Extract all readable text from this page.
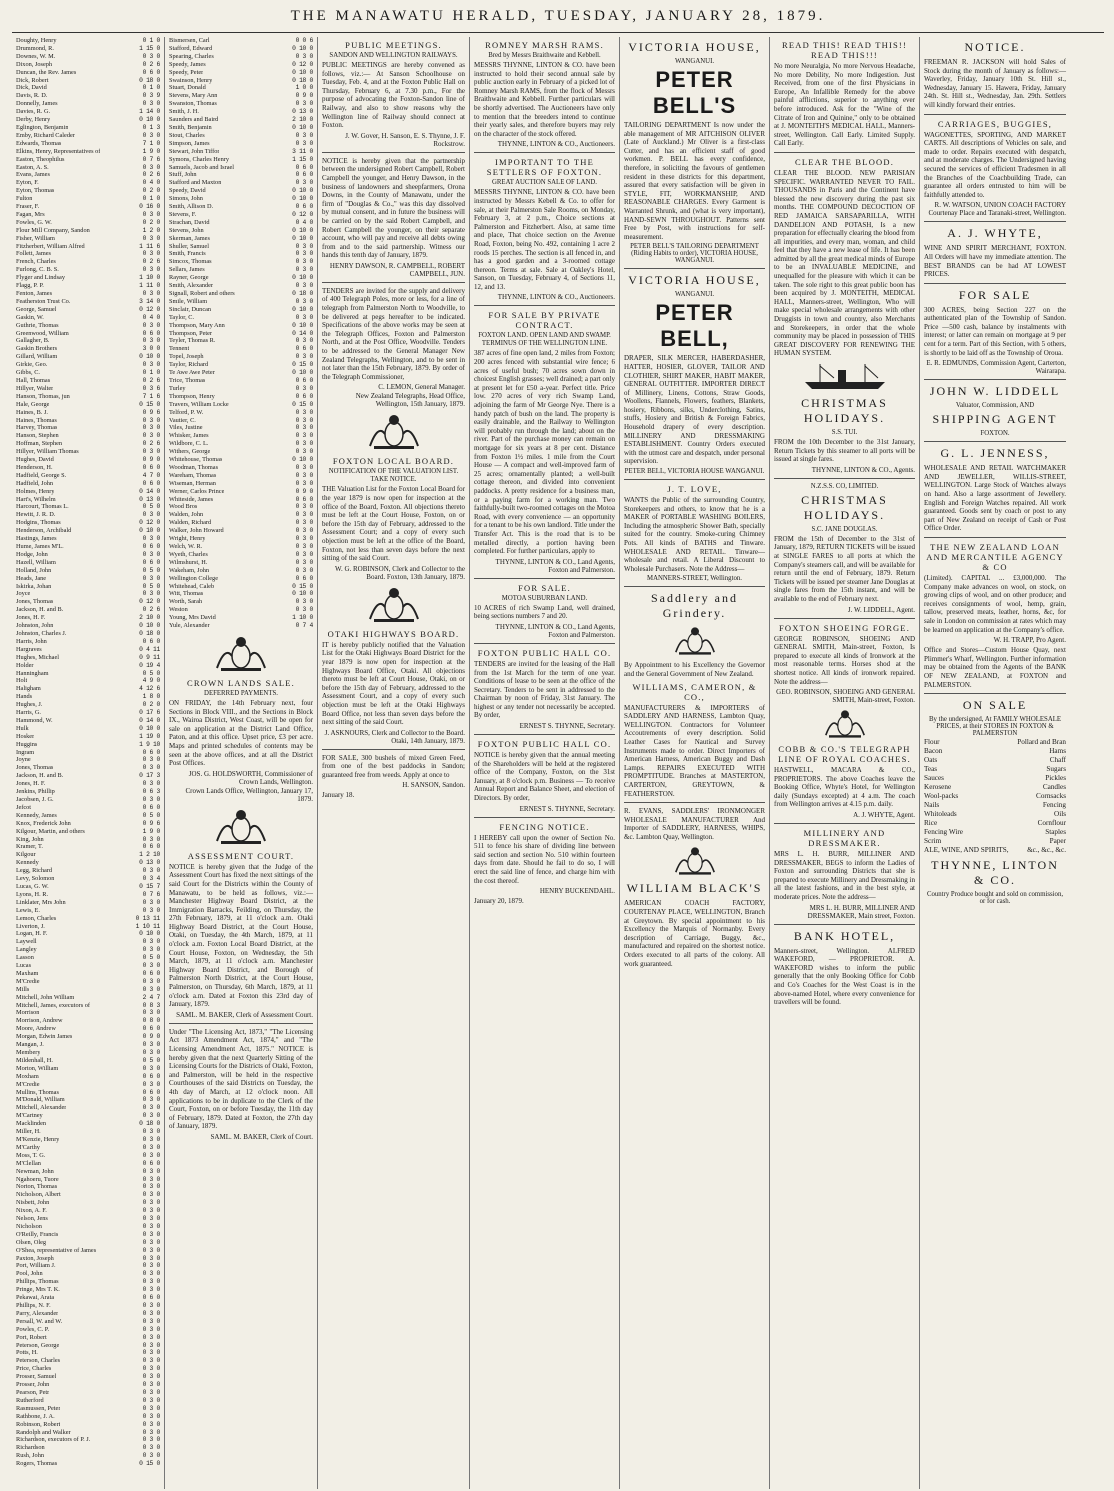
THE MANAWATU HERALD, TUESDAY, JANUARY 28, 1879.
Doughty, Henry	0 1 0
Drummond, R.	1 15 0
Downes, W. M.	0 3 0
Dixon, Joseph	0 2 6
Duncan, the Rev. James	0 6 0
Dick, Robert	0 18 0
Dick, David	0 1 0
Davis, R. D.	0 3 9
Donnelly, James	0 3 0
Davies, R. G.	1 14 0
Derby, Henry	0 10 0
Eglington, Benjamin	0 1 3
Emby, Richard Caleder	0 3 0
Edwards, Thomas	7 1 0
Elkins, Henry, Representatives of	1 9 0
Easton, Theophilus	0 7 6
Easton, A. S.	0 3 0
Evans, James	0 2 6
Eyton, F.	0 4 0
Eyton, Thomas	0 2 0
Fulton	0 1 0
Fraser, F.	0 16 0
Fagan, Mrs	0 3 0
Fowles, G. W.	0 2 0
Flour Mill Company, Sandon	1 2 0
Fisher, William	0 3 0
Fitzherbert, William Alfred	1 11 6
Follett, James	0 3 0
French, Charles	0 2 6
Furlong, C. B. S.	0 3 0
Flyger and Lindsay	1 10 0
Flagg, P. P.	1 11 0
Fenton, James	0 3 0
Featherston Trust Co.	3 14 0
George, Samuel	0 12 0
Gaskin, W.	0 4 0
Guthrie, Thomas	0 3 0
Greenwood, William	0 6 0
Gallagher, B.	0 3 0
Gaskin Brothers	3 0 0
Gillard, William	0 10 0
Girkie, Geo.	0 3 0
Gibbs, C.	0 1 0
Hall, Thomas	0 2 6
Hillyer, Walter	0 3 6
Hanson, Thomas, jun	7 1 6
Hale, George	0 15 0
Haines, B. J.	0 9 6
Haines, Thomas	0 3 0
Harvey, Thomas	0 3 0
Hanson, Stephen	0 3 0
Hoffman, Stephen	0 2 6
Hillyer, William Thomas	0 3 0
Hughes, David	0 9 0
Henderson, H.	0 6 0
Hadfield, George S.	4 7 0
Hadfield, John	0 6 0
Holmes, Henry	0 14 0
Hart's, Wilhelm	0 13 0
Harcourt, Thomas L.	0 5 0
Hewitt, J. R. D.	0 3 0
Hodgins, Thomas	0 12 0
Henderson, Archibald	0 10 0
Hastings, James	0 3 0
Hume, James M'L.	0 6 0
Hodge, John	0 3 0
Hazell, William	0 6 0
Holland, John	0 5 0
Heads, Jane	0 3 0
Iskirka, Johan	0 5 0
Joyce	0 3 0
Jones, Thomas	0 12 0
Jackson, H. and B.	0 2 6
Jones, H. F.	2 10 0
Johnston, John	0 10 0
Johnston, Charles J.	0 18 0
Harris, John	0 6 0
Hargraves	0 4 11
Hughes, Michael	0 9 11
Holder	0 19 4
Hanningham	0 5 0
Holt	4 9 0
Haligham	4 12 6
Hands	1 8 0
Hughes, J.	0 2 0
Harris, G.	0 17 6
Hammond, W.	0 14 0
Hulk	0 10 0
Hosker	1 19 0
Huggins	1 9 10
Ingram	0 6 0
Joyne	0 3 0
Jones, Thomas	0 3 0
Jackson, H. and B.	0 17 3
Jones, H. F.	0 3 0
Jenkins, Phillip	0 6 3
Jacobsen, J. G.	0 3 0
Jefcot	0 6 0
Kennedy, James	0 5 0
Knox, Frederick John	0 9 6
Kilgour, Martin, and others	1 9 0
King, John	0 3 0
Kramer, T.	0 6 0
Kilgour	1 2 10
Kennedy	0 13 0
Legg, Richard	0 3 0
Levy, Solomon	0 3 4
Lucas, G. W.	0 15 7
Lyons, H. R.	0 7 6
Linklater, Mrs John	0 3 0
Lewis, E.	0 3 0
Lemon, Charles	0 13 11
Liverton, J.	1 10 11
Logan, H. F.	0 10 0
Laywell	0 3 0
Langley	0 3 0
Lasson	0 5 0
Lucas	0 3 0
Maxham	0 6 0
M'Credie	0 3 0
Mills	0 3 0
Mitchell, John William	2 4 7
Mitchell, James, executors of	0 8 3
Morrison	0 3 0
Morrison, Andrew	0 8 0
Moore, Andrew	0 6 0
Morgan, Edwin James	0 9 0
Mangan, J.	0 3 0
Membery	0 3 0
Mildenhall, H.	0 5 0
Morton, William	0 3 0
Moxham	0 6 0
M'Credie	0 3 0
Mullins, Thomas	0 6 0
M'Donald, William	0 3 0
Mitchell, Alexander	0 3 0
M'Cartney	0 3 0
Macklinden	0 18 0
Miller, H.	0 3 0
M'Kenzie, Henry	0 3 0
M'Carthy	0 3 0
Moss, T. G.	0 3 0
M'Clellan	0 6 0
Newman, John	0 3 0
Ngahoeru, Tuore	0 3 0
Norton, Thomas	0 3 0
Nicholson, Albert	0 3 0
Nisbett, John	0 3 0
Nixon, A. F.	0 3 0
Nelson, Jens	0 3 0
Nicholson	0 3 0
O'Reilly, Francis	0 3 0
Olsen, Oleg	0 3 0
O'Shea, representative of James	0 3 0
Paxton, Joseph	0 3 0
Port, William J.	0 3 0
Pool, John	0 3 0
Phillips, Thomas	0 3 0
Pringe, Mrs T. K.	0 3 0
Pekawai, Arata	0 6 0
Phillips, N. F.	0 3 0
Parry, Alexander	0 3 0
Persall, W. and W.	0 3 0
Powles, C. P.	0 3 0
Port, Robert	0 3 0
Peterson, George	0 3 0
Potts, H.	0 3 0
Peterson, Charles	0 3 0
Price, Charles	0 3 0
Prosser, Samuel	0 3 0
Prosser, John	0 3 0
Pearson, Petr	0 3 0
Rutherford	0 3 0
Rasmussen, Peter	0 3 0
Rathbone, J. A.	0 3 0
Robinson, Robert	0 3 0
Randolph and Walker	0 3 0
Richardson, executors of P. J.	0 3 0
Richardson	0 3 0
Rush, John	0 3 0
Rogers, Thomas	0 15 0
Bismersen, Carl	0 0 6
Stafford, Edward	0 10 0
Spearing, Charles	0 3 0
Speedy, James	0 12 0
Speedy, Peter	0 10 0
Swainson, Henry	0 18 0
Stuart, Donald	1 0 0
Stevens, Mary Ann	0 9 0
Swanston, Thomas	0 3 0
Smith, J. H.	0 13 0
Saunders and Baird	2 10 0
Smith, Benjamin	0 10 0
Stout, Charles	0 3 0
Simpson, James	0 3 0
Stewart, John Tiffor	3 11 0
Symons, Charles Henry	1 15 0
Samuels, Jacob and Israel	0 6 0
Stuff, John	0 6 0
Stafford and Maxton	0 3 0
Speedy, David	0 10 0
Simons, John	0 10 0
Smith, Allison D.	0 6 0
Stevens, F.	0 12 0
Strachan, David	0 4 0
Stevens, John	0 10 0
Skerman, James	0 10 0
Shuller, Samuel	0 3 0
Smith, Francis	0 3 0
Simcox, Thomas	0 3 0
Sellars, James	0 3 0
Rayner, George	0 10 0
Smith, Alexander	0 3 0
Signall, Robert and others	0 18 0
Smile, William	0 3 0
Sinclair, Duncan	0 10 0
Taylor, C.	0 3 0
Thompson, Mary Ann	0 10 0
Thompson, Peter	0 14 0
Teyler, Thomas R.	0 3 0
Tennent	0 6 0
Topel, Joseph	0 3 0
Taylor, Richard	0 15 0
Te Awe Awe Peter	0 10 0
Trice, Thomas	0 6 0
Turley	0 3 0
Thompson, Henry	0 6 0
Travers, William Locke	0 15 0
Telford, P. W.	0 3 0
Vautier, C.	0 3 0
Viles, Justine	0 3 0
Whisker, James	0 3 0
Wildbore, C. L.	0 3 0
Withers, George	0 3 0
Whitehouse, Thomas	0 10 0
Woodman, Thomas	0 3 0
Wareham, Thomas	0 3 0
Wiseman, Herman	0 3 0
Werner, Carlos Prince	0 9 0
Whiteside, James	0 6 0
Wood Bros	0 3 0
Walden, John	0 3 0
Walden, Richard	0 3 0
Walker, John Howard	0 3 0
Wright, Henry	0 3 0
Welch, W. R.	0 3 0
Wyeth, Charles	0 3 0
Wilmshurst, H.	0 3 0
Wakeham, John	0 3 0
Wellington College	0 6 0
Whitehead, Caleb	0 15 0
Witt, Thomas	0 10 0
Worth, Sarah	0 3 0
Weston	0 3 0
Young, Mrs David	1 10 0
Yule, Alexander	0 7 4
CROWN LANDS SALE.
DEFERRED PAYMENTS.
ON FRIDAY, the 14th February next, four Sections in Block VIII., and the Sections in Block IX., Wairoa District, West Coast, will be open for sale on application at the District Land Office, Paton, and at this office. Upset price, £3 per acre. Maps and printed schedules of contents may be seen at the above offices, and at all the District Post Offices.
JOS. G. HOLDSWORTH, Commissioner of Crown Lands, Wellington.
Crown Lands Office, Wellington, January 17, 1879.
ASSESSMENT COURT.
NOTICE is hereby given that the Judge of the Assessment Court has fixed the next sittings of the said Court for the Districts within the County of Manawatu, to be held as follows, viz.:— Manchester Highway Board District, at the Immigration Barracks, Feilding, on Thursday, the 27th February, 1879, at 11 o'clock a.m. Otaki Highway Board District, at the Court House, Otaki, on Tuesday, the 4th March, 1879, at 11 o'clock a.m. Foxton Local Board District, at the Court House, Foxton, on Wednesday, the 5th March, 1879, at 11 o'clock a.m. Manchester Highway Board District, and Borough of Palmerston North District, at the Court House, Palmerston, on Thursday, 6th March, 1879, at 11 o'clock a.m. Dated at Foxton this 23rd day of January, 1879.
SAML. M. BAKER, Clerk of Assessment Court.
Under "The Licensing Act, 1873," "The Licensing Act 1873 Amendment Act, 1874," and "The Licensing Amendment Act, 1875." NOTICE is hereby given that the next Quarterly Sitting of the Licensing Courts for the Districts of Otaki, Foxton, and Palmerston, will be held in the respective Courthouses of the said Districts on Tuesday, the 4th day of March, at 12 o'clock noon. All applications to be in duplicate to the Clerk of the Court, Foxton, on or before Tuesday, the 11th day of February, 1879. Dated at Foxton, the 27th day of January, 1879.
SAML. M. BAKER, Clerk of Court.
PUBLIC MEETINGS.
SANDON AND WELLINGTON RAILWAYS.
PUBLIC MEETINGS are hereby convened as follows, viz.:— At Sanson Schoolhouse on Tuesday, Feb. 4, and at the Foxton Public Hall on Thursday, February 6, at 7.30 p.m., For the purpose of advocating the Foxton-Sandon line of Railway, and also to show reasons why the Wellington line of Railway should connect at Foxton.
J. W. Gover, H. Sanson, E. S. Thynne, J. F. Rockstrow.
NOTICE is hereby given that the partnership between the undersigned Robert Campbell, Robert Campbell the younger, and Henry Dawson, in the business of landowners and sheepfarmers, Orona Downs, in the County of Manawatu, under the firm of "Douglas & Co.," was this day dissolved by mutual consent, and in future the business will be carried on by the said Robert Campbell, and Robert Campbell the younger, on their separate account, who will pay and receive all debts owing from and to the said partnership. Witness our hands this tenth day of January, 1879.
HENRY DAWSON, R. CAMPBELL, ROBERT CAMPBELL, JUN.
TENDERS are invited for the supply and delivery of 400 Telegraph Poles, more or less, for a line of telegraph from Palmerston North to Woodville, to be delivered at pegs hereafter to be indicated. Specifications of the above works may be seen at the Telegraph Offices, Foxton and Palmerston North, and at the Post Office, Woodville. Tenders to be addressed to the General Manager New Zealand Telegraphs, Wellington, and to be sent in not later than the 15th February, 1879. By order of the Telegraph Commissioner,
C. LEMON, General Manager.
New Zealand Telegraphs, Head Office, Wellington, 15th January, 1879.
FOXTON LOCAL BOARD.
NOTIFICATION OF THE VALUATION LIST.
TAKE NOTICE.
THE Valuation List for the Foxton Local Board for the year 1879 is now open for inspection at the office of the Board, Foxton. All objections thereto must be left at the Court House, Foxton, on or before the 15th day of February, addressed to the Assessment Court; and a copy of every such objection must be left at the office of the Board, Foxton, not less than seven days before the next sitting of the said Court.
W. G. ROBINSON, Clerk and Collector to the Board. Foxton, 13th January, 1879.
OTAKI HIGHWAYS BOARD.
IT is hereby publicly notified that the Valuation List for the Otaki Highways Board District for the year 1879 is now open for inspection at the Highways Board Office, Otaki. All objections thereto must be left at Court House, Otaki, on or before the 15th day of February, addressed to the Assessment Court, and a copy of every such objection must be left at the Otaki Highways Board Office, not less than seven days before the next sitting of the said Court.
J. ASKNOURS, Clerk and Collector to the Board. Otaki, 14th January, 1879.
FOR SALE, 300 bushels of mixed Green Feed, from one of the best paddocks in Sandon; guaranteed free from weeds. Apply at once to
H. SANSON, Sandon.
January 18.
ROMNEY MARSH RAMS.
Bred by Messrs Braithwaite and Kebbell.
MESSRS THYNNE, LINTON & CO. have been instructed to hold their second annual sale by public auction early in February of a picked lot of Romney Marsh RAMS, from the flock of Messrs Braithwaite and Kebbell. Further particulars will be shortly advertised. The Auctioneers have only to mention that the breeders intend to continue their yearly sales, and therefore buyers may rely on the character of the stock offered.
THYNNE, LINTON & CO., Auctioneers.
IMPORTANT TO THE SETTLERS OF FOXTON.
GREAT AUCTION SALE OF LAND.
MESSRS THYNNE, LINTON & CO. have been instructed by Messrs Kebell & Co. to offer for sale, at their Palmerston Sale Rooms, on Monday, February 3, at 2 p.m., Choice sections at Palmerston and Fitzherbert. Also, at same time and place, That choice section on the Avenue Road, Foxton, being No. 492, containing 1 acre 2 roods 15 perches. The section is all fenced in, and has a good garden and a 3-roomed cottage thereon. Terms at sale. Sale at Oakley's Hotel, Sanson, on Tuesday, February 4, of Sections 11, 12, and 13.
THYNNE, LINTON & CO., Auctioneers.
FOR SALE BY PRIVATE CONTRACT.
FOXTON LAND. OPEN LAND AND SWAMP.
TERMINUS OF THE WELLINGTON LINE.
387 acres of fine open land, 2 miles from Foxton; 200 acres fenced with substantial wire fence; 6 acres of useful bush; 70 acres sown down in choicest English grasses; well drained; a part only at present let for £50 a-year. Perfect title. Price low. 270 acres of very rich Swamp Land, adjoining the farm of Mr George Nye. There is a handy patch of bush on the land. The property is easily drainable, and the Railway to Wellington will probably run through the land; about on the river. Part of the purchase money can remain on mortgage for six years at 8 per cent. Distance from Foxton 1½ miles. 1 mile from the Court House — A compact and well-improved farm of 25 acres; ornamentally planted; a well-built cottage thereon, and divided into convenient paddocks. A pretty residence for a business man, or a paying farm for a working man. Two faithfully-built two-roomed cottages on the Motoa Road, with every convenience — an opportunity for a tenant to be his own landlord. Title under the Transfer Act. This is the road that is to be metalled directly, a portion having been completed. For further particulars, apply to
THYNNE, LINTON & CO., Land Agents, Foxton and Palmerston.
FOR SALE.
MOTOA SUBURBAN LAND.
10 ACRES of rich Swamp Land, well drained, being sections numbers 7 and 20.
THYNNE, LINTON & CO., Land Agents, Foxton and Palmerston.
FOXTON PUBLIC HALL CO.
TENDERS are invited for the leasing of the Hall from the 1st March for the term of one year. Conditions of lease to be seen at the office of the Secretary. Tenders to be sent in addressed to the Chairman by noon of Friday, 31st January. The highest or any tender not necessarily be accepted. By order,
ERNEST S. THYNNE, Secretary.
FOXTON PUBLIC HALL CO.
NOTICE is hereby given that the annual meeting of the Shareholders will be held at the registered office of the Company, Foxton, on the 31st January, at 8 o'clock p.m. Business — To receive Annual Report and Balance Sheet, and election of Directors. By order,
ERNEST S. THYNNE, Secretary.
FENCING NOTICE.
I HEREBY call upon the owner of Section No. 511 to fence his share of dividing line between said section and section No. 510 within fourteen days from date. Should he fail to do so, I will erect the said line of fence, and charge him with the cost thereof.
HENRY BUCKENDAHL.
January 20, 1879.
VICTORIA HOUSE,
WANGANUI.
PETER BELL'S
TAILORING DEPARTMENT Is now under the able management of MR AITCHISON OLIVER (Late of Auckland.) Mr Oliver is a first-class Cutter, and has an efficient staff of good workmen. P. BELL has every confidence, therefore, in soliciting the favours of gentlemen resident in these districts for this department, assured that every satisfaction will be given in STYLE, FIT, WORKMANSHIP, AND REASONABLE CHARGES. Every Garment is Warranted Shrunk, and (what is very important), HAND-SEWN THROUGHOUT. Patterns sent Free by Post, with instructions for self-measurement.
PETER BELL'S TAILORING DEPARTMENT (Riding Habits to order), VICTORIA HOUSE, WANGANUI.
VICTORIA HOUSE,
WANGANUI.
PETER BELL,
DRAPER, SILK MERCER, HABERDASHER, HATTER, HOSIER, GLOVER, TAILOR AND CLOTHIER, SHIRT MAKER, HABIT MAKER, GENERAL OUTFITTER. IMPORTER DIRECT of Millinery, Linens, Cottons, Straw Goods, Woollens, Flannels, Flowers, feathers, Blankets, hosiery, Ribbons, silks, Underclothing, Satins, stuffs, Hosiery and British & Foreign Fabrics, Household drapery of every description. MILLINERY AND DRESSMAKING ESTABLISHMENT. Country Orders executed with the utmost care and despatch, under personal supervision.
PETER BELL, VICTORIA HOUSE WANGANUI.
J. T. LOVE,
WANTS the Public of the surrounding Country, Storekeepers and others, to know that he is a MAKER of PORTABLE WASHING BOILERS, Including the atmospheric Shower Bath, specially suited for the country. Smoke-curing Chimney Pots. All kinds of BATHS and Tinware. WHOLESALE AND RETAIL. Tinware—wholesale and retail. A Liberal Discount to Wholesale Purchasers. Note the Address—
MANNERS-STREET, Wellington.
Saddlery and Grindery.
By Appointment to his Excellency the Governor and the General Government of New Zealand.
WILLIAMS, CAMERON, & CO.,
MANUFACTURERS & IMPORTERS of SADDLERY AND HARNESS, Lambton Quay, WELLINGTON. Contractors for Volunteer Accoutrements of every description. Solid Leather Cases for Nautical and Survey Instruments made to order. Direct Importers of American Harness, American Buggy and Dash Lamps. REPAIRS EXECUTED WITH PROMPTITUDE. Branches at MASTERTON, CARTERTON, GREYTOWN, & FEATHERSTON.
R. EVANS, SADDLERS' IRONMONGER WHOLESALE MANUFACTURER And Importer of SADDLERY, HARNESS, WHIPS, &c. Lambton Quay, Wellington.
WILLIAM BLACK'S
AMERICAN COACH FACTORY, COURTENAY PLACE, WELLINGTON, Branch at Greytown. By special appointment to his Excellency the Marquis of Normanby. Every description of Carriage, Buggy, &c., manufactured and repaired on the shortest notice. Orders executed to all parts of the colony. All work guaranteed.
READ THIS! READ THIS!! READ THIS!!!
No more Neuralgia, No more Nervous Headache, No more Debility, No more Indigestion. Just Received, from one of the first Physicians in Europe, An Infallible Remedy for the above painful afflictions, superior to anything ever before introduced. Ask for the "Wine of the Citrate of Iron and Quinine," only to be obtained at J. MONTEITH'S MEDICAL HALL, Manners-street, Wellington. Call Early. Limited Supply. Call Early.
CLEAR THE BLOOD.
CLEAR THE BLOOD. NEW PARISIAN SPECIFIC. WARRANTED NEVER TO FAIL. THOUSANDS in Paris and the Continent have blessed the new discovery during the past six months. THE COMPOUND DECOCTION OF RED JAMAICA SARSAPARILLA, WITH DANDELION AND POTASH, Is a new preparation for effectually clearing the blood from all impurities, and every man, woman, and child feel that they have a new lease of life. It has been admitted by all the great medical minds of Europe to be an INVALUABLE MEDICINE, and unequalled for the pleasure with which it can be taken. The sole right to this great public boon has been acquired by J. MONTEITH, MEDICAL HALL, Manners-street, Wellington, Who will make special wholesale arrangements with other Druggists in town and country, also Merchants and Storekeepers, in order that the whole community may be placed in possession of THIS GREAT DISCOVERY FOR RENEWING THE HUMAN SYSTEM.
CHRISTMAS HOLIDAYS.
S.S. TUI.
FROM the 10th December to the 31st January, Return Tickets by this steamer to all ports will be issued at single fares.
THYNNE, LINTON & CO., Agents.
N.Z.S.S. CO, LIMITED.
CHRISTMAS HOLIDAYS.
S.C. JANE DOUGLAS.
FROM the 15th of December to the 31st of January, 1879, RETURN TICKETS will be issued at SINGLE FARES to all ports at which the Company's steamers call, and will be available for return until the end of February, 1879. Return Tickets will be issued per steamer Jane Douglas at single fares from the 15th instant, and will be available to the end of February next.
J. W. LIDDELL, Agent.
FOXTON SHOEING FORGE.
GEORGE ROBINSON, SHOEING AND GENERAL SMITH, Main-street, Foxton, Is prepared to execute all kinds of Ironwork at the most reasonable terms. Horses shod at the shortest notice. All kinds of ironwork repaired. Note the address—
GEO. ROBINSON, SHOEING AND GENERAL SMITH, Main-street, Foxton.
COBB & CO.'S TELEGRAPH LINE OF ROYAL COACHES.
HASTWELL, MACARA & CO., PROPRIETORS. The above Coaches leave the Booking Office, Whyte's Hotel, for Wellington daily (Sundays excepted) at 4 a.m. The coach from Wellington arrives at 4.15 p.m. daily.
A. J. WHYTE, Agent.
MILLINERY AND DRESSMAKER.
MRS L. H. BURR, MILLINER AND DRESSMAKER, BEGS to inform the Ladies of Foxton and surrounding Districts that she is prepared to execute Millinery and Dressmaking in all the latest fashions, and in the best style, at moderate prices. Note the address—
MRS L. H. BURR, MILLINER AND DRESSMAKER, Main street, Foxton.
BANK HOTEL,
Manners-street, Wellington. ALFRED WAKEFORD, — PROPRIETOR. A. WAKEFORD wishes to inform the public generally that the only Booking Office for Cobb and Co's Coaches for the West Coast is in the above-named Hotel, where every convenience for travellers will be found.
NOTICE.
FREEMAN R. JACKSON will hold Sales of Stock during the month of January as follows:— Waverley, Friday, January 10th St. Hill st., Wednesday, January 15. Hawera, Friday, January 24th. St. Hill st., Wednesday, Jan. 29th. Settlers will kindly forward their entries.
CARRIAGES, BUGGIES,
WAGONETTES, SPORTING, AND MARKET CARTS. All descriptions of Vehicles on sale, and made to order. Repairs executed with despatch, and at moderate charges. The Undersigned having secured the services of efficient Tradesmen in all the Branches of the Coachbuilding Trade, can guarantee all orders entrusted to him will be faithfully attended to.
R. W. WATSON, UNION COACH FACTORY Courtenay Place and Taranaki-street, Wellington.
A. J. WHYTE,
WINE AND SPIRIT MERCHANT, FOXTON. All Orders will have my immediate attention. The BEST BRANDS can be had AT LOWEST PRICES.
FOR SALE
300 ACRES, being Section 227 on the authenticated plan of the Township of Sandon. Price —500 cash, balance by instalments with interest; or latter can remain on mortgage at 9 per cent for a term. Part of this Section, with 5 others, is shortly to be laid off as the Township of Oroua.
E. R. EDMUNDS, Commission Agent, Carterton, Wairarapa.
JOHN W. LIDDELL
Valuator, Commission, AND
SHIPPING AGENT
FOXTON.
G. L. JENNESS,
WHOLESALE AND RETAIL WATCHMAKER AND JEWELLER, WILLIS-STREET, WELLINGTON. Large Stock of Watches always on hand. Also a large assortment of Jewellery. English and Foreign Watches repaired. All work guaranteed. Goods sent by coach or post to any part of New Zealand on receipt of Cash or Post Office Order.
THE NEW ZEALAND LOAN AND MERCANTILE AGENCY & CO
(Limited). CAPITAL ... £3,000,000. The Company make advances on wool, on stock, on growing clips of wool, and on other produce; and receives consignments of wool, hemp, grain, tallow, preserved meats, leather, horns, &c, for sale in London on commission at rates which may be learned on application at the Company's office.
W. H. TRAPP, Pro Agent.
Office and Stores—Custom House Quay, next Plimmer's Wharf, Wellington. Further information may be obtained from the Agents of the BANK OF NEW ZEALAND, at FOXTON and PALMERSTON.
ON SALE
By the undersigned, At FAMILY WHOLESALE PRICES, at their STORES IN FOXTON & PALMERSTON
Flour	Pollard and Bran
Bacon	Hams
Oats	Chaff
Teas	Sugars
Sauces	Pickles
Kerosene	Candles
Wool-packs	Cornsacks
Nails	Fencing
Whitoleads	Oils
Rice	Cornflour
Fencing Wire	Staples
Scrim	Paper
ALE, WINE, AND SPIRITS,	&c., &c., &c.
THYNNE, LINTON & CO.
Country Produce bought and sold on commission, or for cash.
